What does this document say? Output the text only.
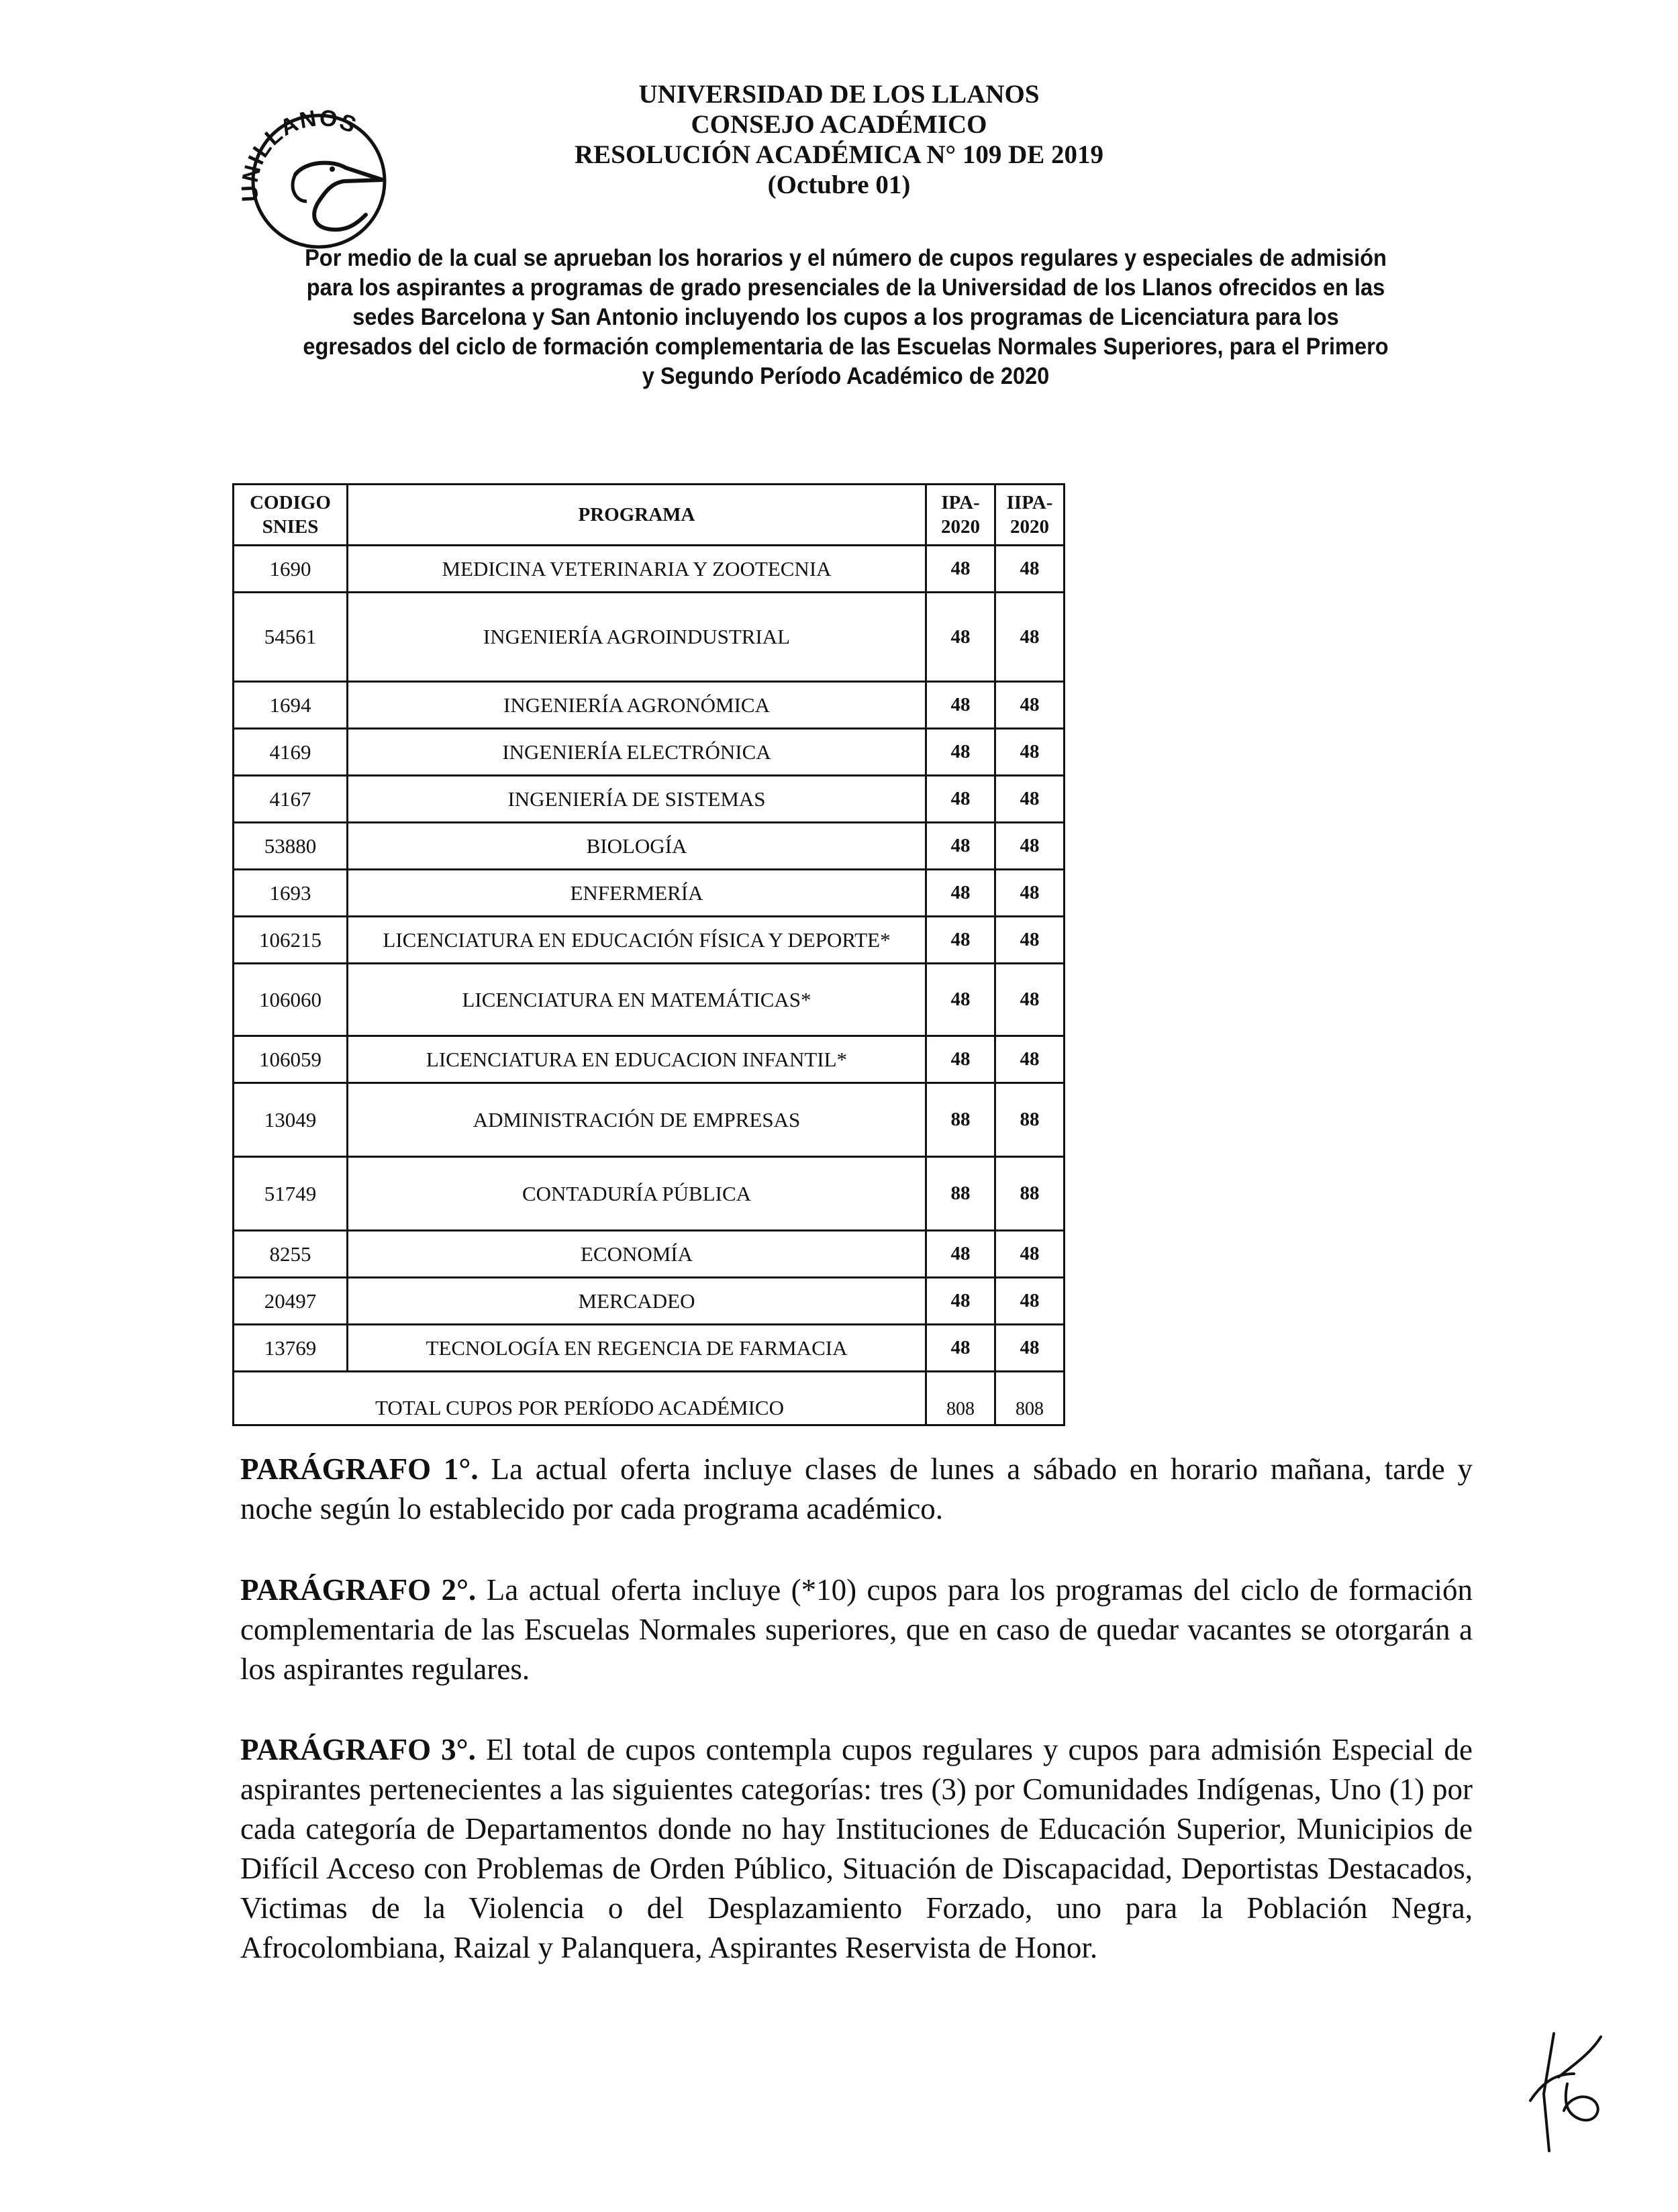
UNILLANOS
UNIVERSIDAD DE LOS LLANOS
CONSEJO ACADÉMICO
RESOLUCIÓN ACADÉMICA N° 109 DE 2019
(Octubre 01)
Por medio de la cual se aprueban los horarios y el número de cupos regulares y especiales de admisión
para los aspirantes a programas de grado presenciales de la Universidad de los Llanos ofrecidos en las
sedes Barcelona y San Antonio incluyendo los cupos a los programas de Licenciatura para los
egresados del ciclo de formación complementaria de las Escuelas Normales Superiores, para el Primero
y Segundo Período Académico de 2020
CODIGO SNIES	PROGRAMA	IPA- 2020	IIPA- 2020
1690	MEDICINA VETERINARIA Y ZOOTECNIA	48	48
54561	INGENIERÍA AGROINDUSTRIAL	48	48
1694	INGENIERÍA AGRONÓMICA	48	48
4169	INGENIERÍA ELECTRÓNICA	48	48
4167	INGENIERÍA DE SISTEMAS	48	48
53880	BIOLOGÍA	48	48
1693	ENFERMERÍA	48	48
106215	LICENCIATURA EN EDUCACIÓN FÍSICA Y DEPORTE*	48	48
106060	LICENCIATURA EN MATEMÁTICAS*	48	48
106059	LICENCIATURA EN EDUCACION INFANTIL*	48	48
13049	ADMINISTRACIÓN DE EMPRESAS	88	88
51749	CONTADURÍA PÚBLICA	88	88
8255	ECONOMÍA	48	48
20497	MERCADEO	48	48
13769	TECNOLOGÍA EN REGENCIA DE FARMACIA	48	48
TOTAL CUPOS POR PERÍODO ACADÉMICO		808	808
PARÁGRAFO 1°. La actual oferta incluye clases de lunes a sábado en horario mañana, tarde y noche según lo establecido por cada programa académico.
PARÁGRAFO 2°. La actual oferta incluye (*10) cupos para los programas del ciclo de formación complementaria de las Escuelas Normales superiores, que en caso de quedar vacantes se otorgarán a los aspirantes regulares.
PARÁGRAFO 3°. El total de cupos contempla cupos regulares y cupos para admisión Especial de aspirantes pertenecientes a las siguientes categorías: tres (3) por Comunidades Indígenas, Uno (1) por cada categoría de Departamentos donde no hay Instituciones de Educación Superior, Municipios de Difícil Acceso con Problemas de Orden Público, Situación de Discapacidad, Deportistas Destacados, Victimas de la Violencia o del Desplazamiento Forzado, uno para la Población Negra, Afrocolombiana, Raizal y Palanquera, Aspirantes Reservista de Honor.
